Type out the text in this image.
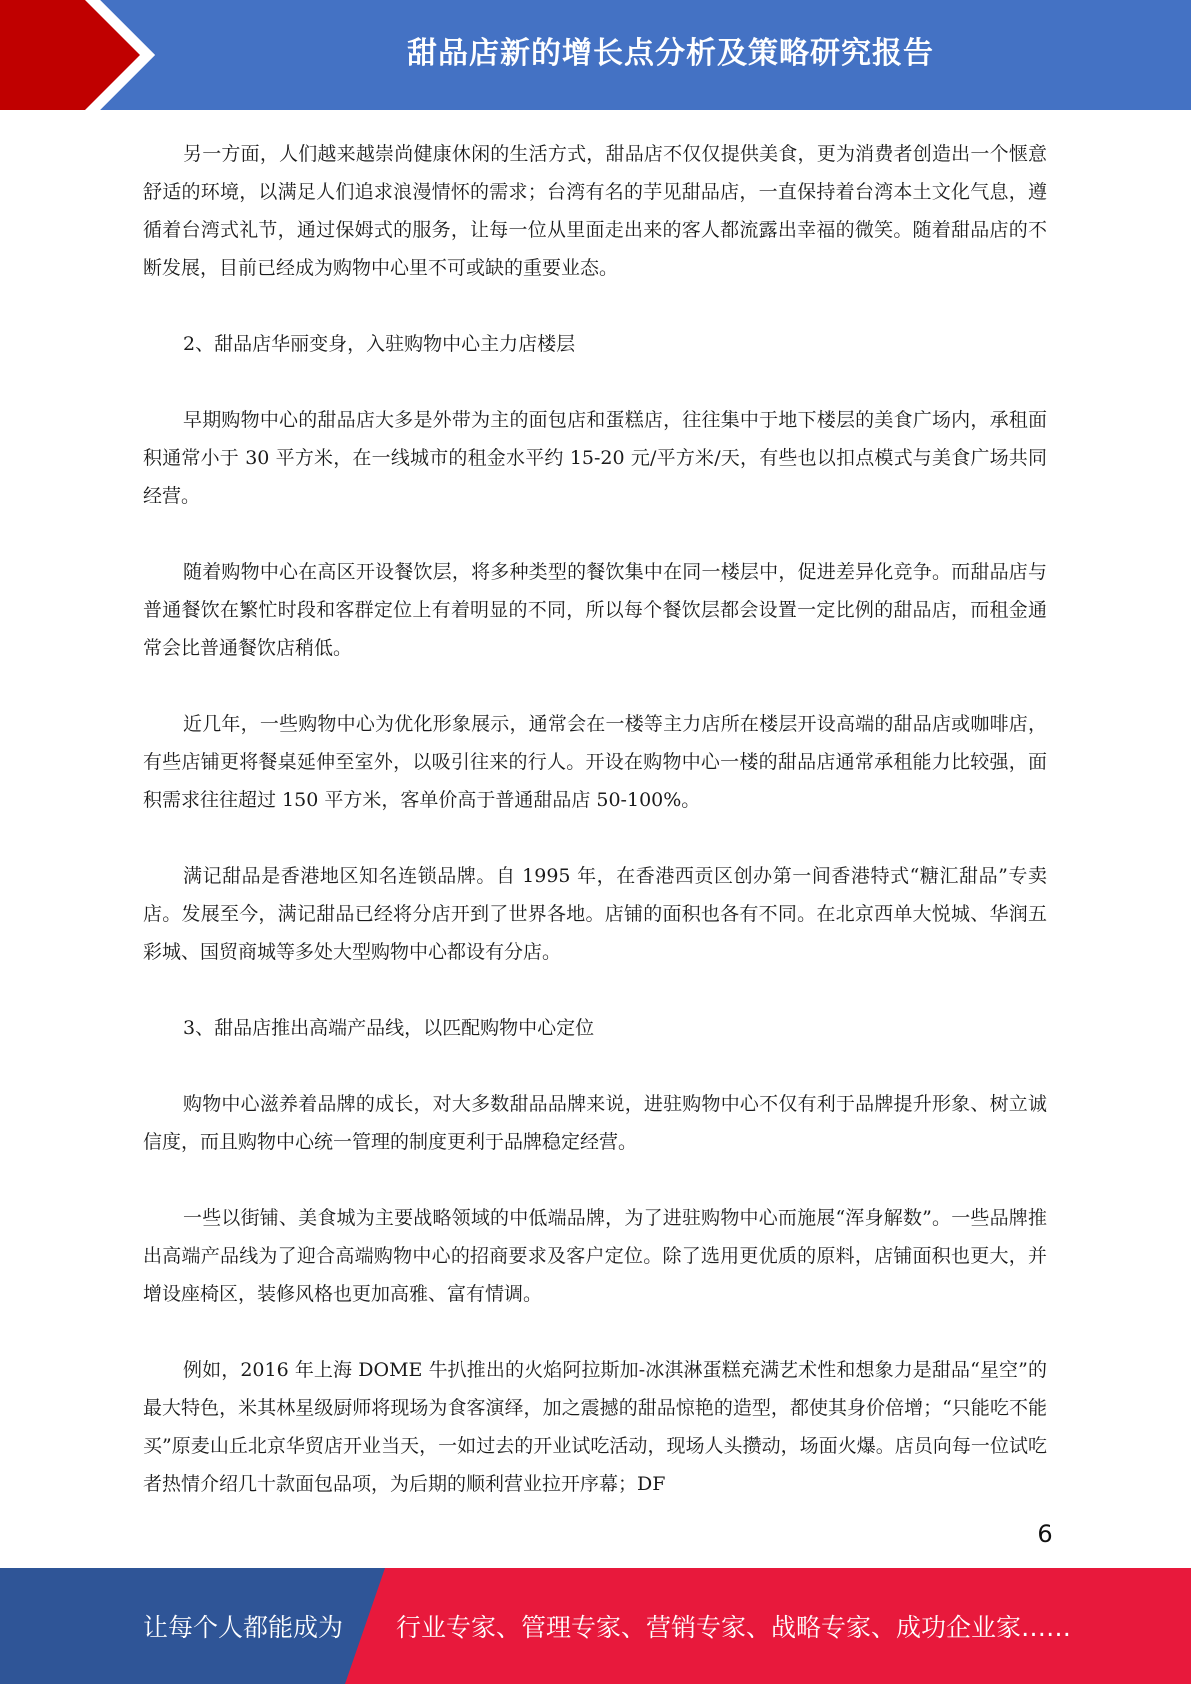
甜品店新的增长点分析及策略研究报告

另一方面，人们越来越崇尚健康休闲的生活方式，甜品店不仅仅提供美食，更为消费者创造出一个惬意舒适的环境，以满足人们追求浪漫情怀的需求；台湾有名的芋见甜品店，一直保持着台湾本土文化气息，遵循着台湾式礼节，通过保姆式的服务，让每一位从里面走出来的客人都流露出幸福的微笑。随着甜品店的不断发展，目前已经成为购物中心里不可或缺的重要业态。

2、甜品店华丽变身，入驻购物中心主力店楼层

早期购物中心的甜品店大多是外带为主的面包店和蛋糕店，往往集中于地下楼层的美食广场内，承租面积通常小于 30 平方米，在一线城市的租金水平约 15-20 元/平方米/天，有些也以扣点模式与美食广场共同经营。

随着购物中心在高区开设餐饮层，将多种类型的餐饮集中在同一楼层中，促进差异化竞争。而甜品店与普通餐饮在繁忙时段和客群定位上有着明显的不同，所以每个餐饮层都会设置一定比例的甜品店，而租金通常会比普通餐饮店稍低。

近几年，一些购物中心为优化形象展示，通常会在一楼等主力店所在楼层开设高端的甜品店或咖啡店，有些店铺更将餐桌延伸至室外，以吸引往来的行人。开设在购物中心一楼的甜品店通常承租能力比较强，面积需求往往超过 150 平方米，客单价高于普通甜品店 50-100%。

满记甜品是香港地区知名连锁品牌。自 1995 年，在香港西贡区创办第一间香港特式“糖汇甜品”专卖店。发展至今，满记甜品已经将分店开到了世界各地。店铺的面积也各有不同。在北京西单大悦城、华润五彩城、国贸商城等多处大型购物中心都设有分店。

3、甜品店推出高端产品线，以匹配购物中心定位

购物中心滋养着品牌的成长，对大多数甜品品牌来说，进驻购物中心不仅有利于品牌提升形象、树立诚信度，而且购物中心统一管理的制度更利于品牌稳定经营。

一些以街铺、美食城为主要战略领域的中低端品牌，为了进驻购物中心而施展“浑身解数”。一些品牌推出高端产品线为了迎合高端购物中心的招商要求及客户定位。除了选用更优质的原料，店铺面积也更大，并增设座椅区，装修风格也更加高雅、富有情调。

例如，2016 年上海 DOME 牛扒推出的火焰阿拉斯加-冰淇淋蛋糕充满艺术性和想象力是甜品“星空”的最大特色，米其林星级厨师将现场为食客演绎，加之震撼的甜品惊艳的造型，都使其身价倍增；“只能吃不能买”原麦山丘北京华贸店开业当天，一如过去的开业试吃活动，现场人头攒动，场面火爆。店员向每一位试吃者热情介绍几十款面包品项，为后期的顺利营业拉开序幕；DF

6
让每个人都能成为 行业专家、管理专家、营销专家、战略专家、成功企业家……
